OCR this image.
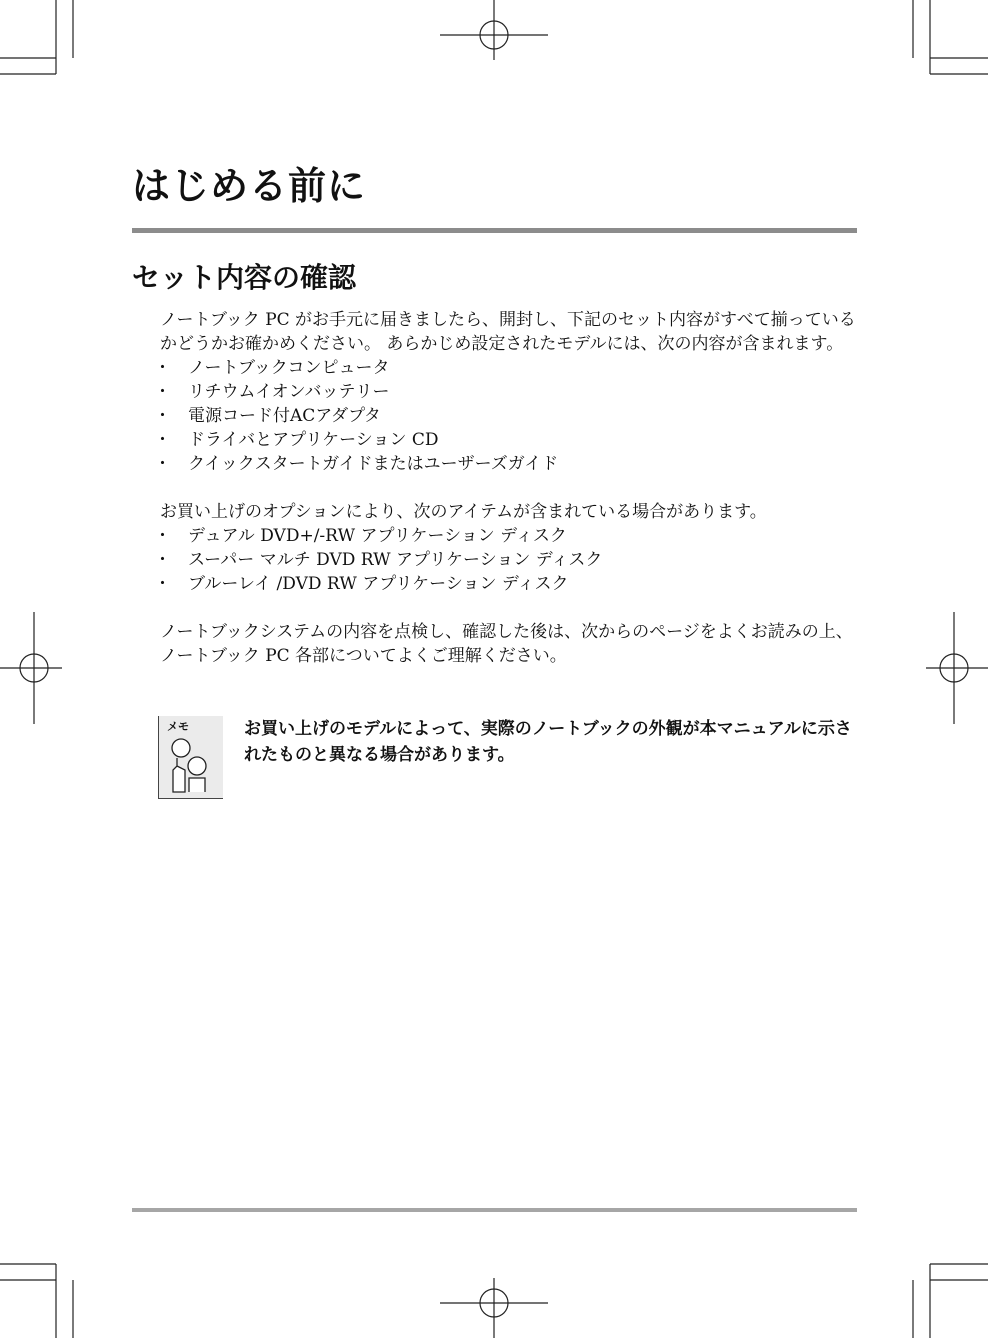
はじめる前に
セット内容の確認

ノートブック PC がお手元に届きましたら、開封し、下記のセット内容がすべて揃っているかどうかお確かめください。 あらかじめ設定されたモデルには、次の内容が含まれます。

・ ノートブックコンピュータ
・ リチウムイオンバッテリー
・ 電源コード付ACアダプタ
・ ドライバとアプリケーション CD
・ クイックスタートガイドまたはユーザーズガイド

お買い上げのオプションにより、次のアイテムが含まれている場合があります。

・ デュアル DVD+/-RW アプリケーション ディスク
・ スーパー マルチ DVD RW アプリケーション ディスク
・ ブルーレイ /DVD RW アプリケーション ディスク

ノートブックシステムの内容を点検し、確認した後は、次からのページをよくお読みの上、ノートブック PC 各部についてよくご理解ください。

メモ	お買い上げのモデルによって、実際のノートブックの外観が本マニュアルに示されたものと異なる場合があります。
